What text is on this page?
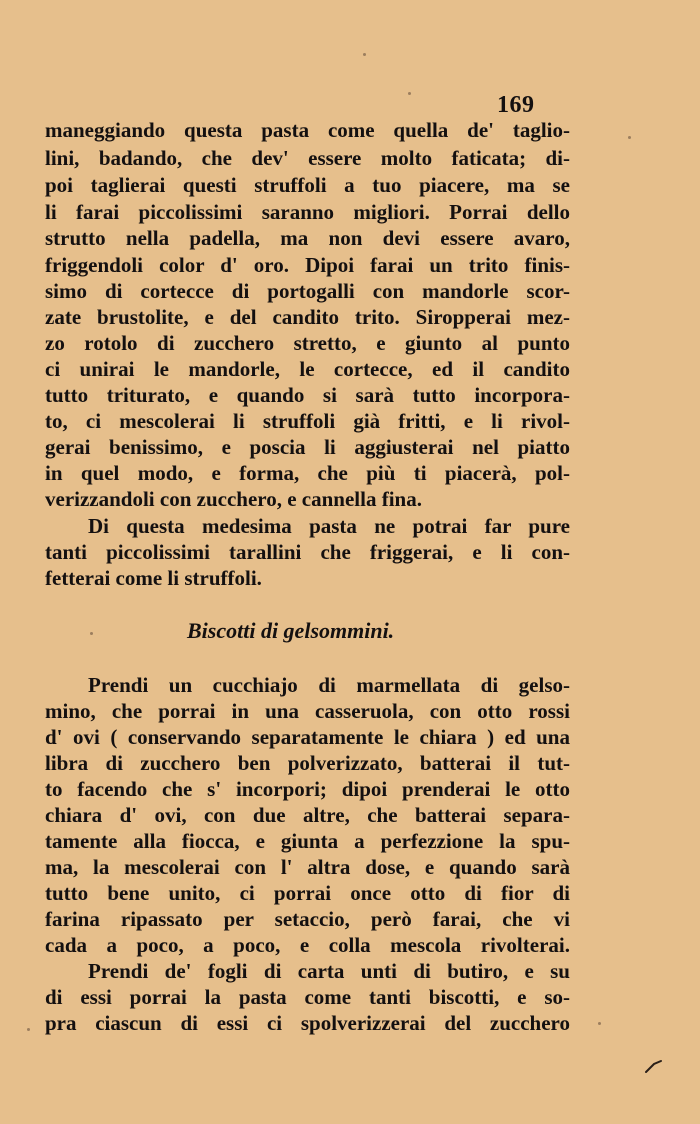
169
maneggiando questa pasta come quella de' taglio-
lini, badando, che dev' essere molto faticata; di-
poi taglierai questi struffoli a tuo piacere, ma se
li farai piccolissimi saranno migliori. Porrai dello
strutto nella padella, ma non devi essere avaro,
friggendoli color d' oro. Dipoi farai un trito finis-
simo di cortecce di portogalli con mandorle scor-
zate brustolite, e del candito trito. Siropperai mez-
zo rotolo di zucchero stretto, e giunto al punto
ci unirai le mandorle, le cortecce, ed il candito
tutto triturato, e quando si sarà tutto incorpora-
to, ci mescolerai li struffoli già fritti, e li rivol-
gerai benissimo, e poscia li aggiusterai nel piatto
in quel modo, e forma, che più ti piacerà, pol-
verizzandoli con zucchero, e cannella fina.
Di questa medesima pasta ne potrai far pure
tanti piccolissimi tarallini che friggerai, e li con-
fetterai come li struffoli.
Biscotti di gelsommini.
Prendi un cucchiajo di marmellata di gelso-
mino, che porrai in una casseruola, con otto rossi
d' ovi ( conservando separatamente le chiara ) ed una
libra di zucchero ben polverizzato, batterai il tut-
to facendo che s' incorpori; dipoi prenderai le otto
chiara d' ovi, con due altre, che batterai separa-
tamente alla fiocca, e giunta a perfezzione la spu-
ma, la mescolerai con l' altra dose, e quando sarà
tutto bene unito, ci porrai once otto di fior di
farina ripassato per setaccio, però farai, che vi
cada a poco, a poco, e colla mescola rivolterai.
Prendi de' fogli di carta unti di butiro, e su
di essi porrai la pasta come tanti biscotti, e so-
pra ciascun di essi ci spolverizzerai del zucchero
